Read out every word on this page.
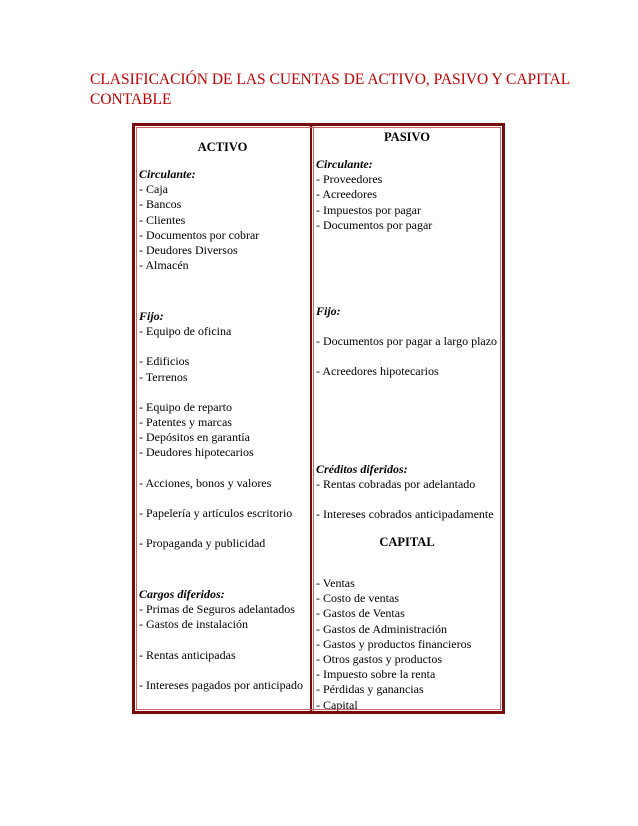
CLASIFICACIÓN DE LAS CUENTAS DE ACTIVO, PASIVO Y CAPITAL CONTABLE
ACTIVO
Circulante:
- Caja
- Bancos
- Clientes
- Documentos por cobrar
- Deudores Diversos
- Almacén
Fijo:
- Equipo de oficina
- Edificios
- Terrenos
- Equipo de reparto
- Patentes y marcas
- Depósitos en garantía
- Deudores hipotecarios
- Acciones, bonos y valores
- Papelería y artículos escritorio
- Propaganda y publicidad
Cargos diferidos:
- Primas de Seguros adelantados
- Gastos de instalación
- Rentas anticipadas
- Intereses pagados por anticipado
PASIVO
Circulante:
- Proveedores
- Acreedores
- Impuestos por pagar
- Documentos por pagar
Fijo:
- Documentos por pagar a largo plazo
- Acreedores hipotecarios
Créditos diferidos:
- Rentas cobradas por adelantado
- Intereses cobrados anticipadamente
CAPITAL
- Ventas
- Costo de ventas
- Gastos de Ventas
- Gastos de Administración
- Gastos y productos financieros
- Otros gastos y productos
- Impuesto sobre la renta
- Pérdidas y ganancias
- Capital
